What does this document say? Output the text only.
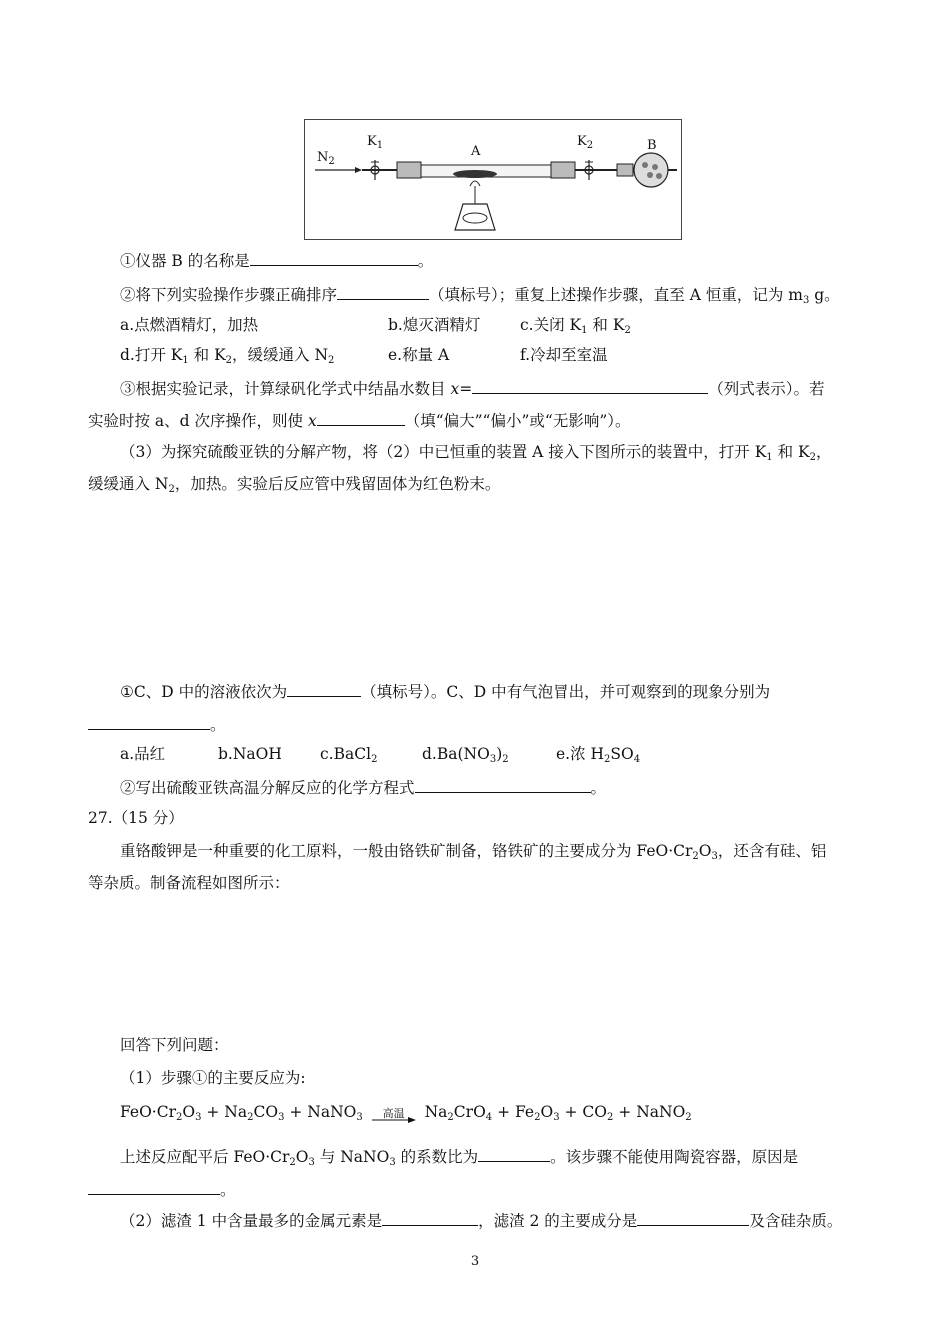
$N_2$
$K_1$	A
$K_2$	B
①仪器 B 的名称是	。
②将下列实验操作步骤正确排序	（填标号）；重复上述操作步骤，直至 A 恒重，记为 $m_3$ g。
a.点燃酒精灯，加热	b.熄灭酒精灯	c.关闭 $K_1$ 和 $K_2$
d.打开 $K_1$ 和 $K_2$，缓缓通入 $N_2$	e.称量 A	f.冷却至室温
③根据实验记录，计算绿矾化学式中结晶水数目 x=	（列式表示）。若
实验时按 a、d 次序操作，则使 x	（填“偏大”“偏小”或“无影响”）。
（3）为探究硫酸亚铁的分解产物，将（2）中已恒重的装置 A 接入下图所示的装置中，打开 $K_1$ 和 $K_2$，
缓缓通入 $N_2$，加热。实验后反应管中残留固体为红色粉末。
①C、D 中的溶液依次为	（填标号）。C、D 中有气泡冒出，并可观察到的现象分别为
。
a.品红	b.NaOH c.BaCl$_2$	$d.Ba(NO_3)_2$	e.浓 $H_2SO_4$
②写出硫酸亚铁高温分解反应的化学方程式	。
27.（15 分）
重铬酸钾是一种重要的化工原料，一般由铬铁矿制备，铬铁矿的主要成分为 $FeO\cdot Cr_2O_3$，还含有硅、铝
等杂质。制备流程如图所示：
回答下列问题：
（1）步骤①的主要反应为:
$FeO\cdot Cr_2O_3 + Na_2CO_3$ + NaNO$_3$	高温	$Na_2CrO_4 + Fe_2O_3 + CO_2$ + NaNO$_2$
上述反应配平后 $FeO\cdot Cr_2O_3$ 与 NaNO$_3$ 的系数比为	。该步骤不能使用陶瓷容器，原因是
。
（2）滤渣 1 中含量最多的金属元素是	，滤渣 2 的主要成分是	及含硅杂质。
3
